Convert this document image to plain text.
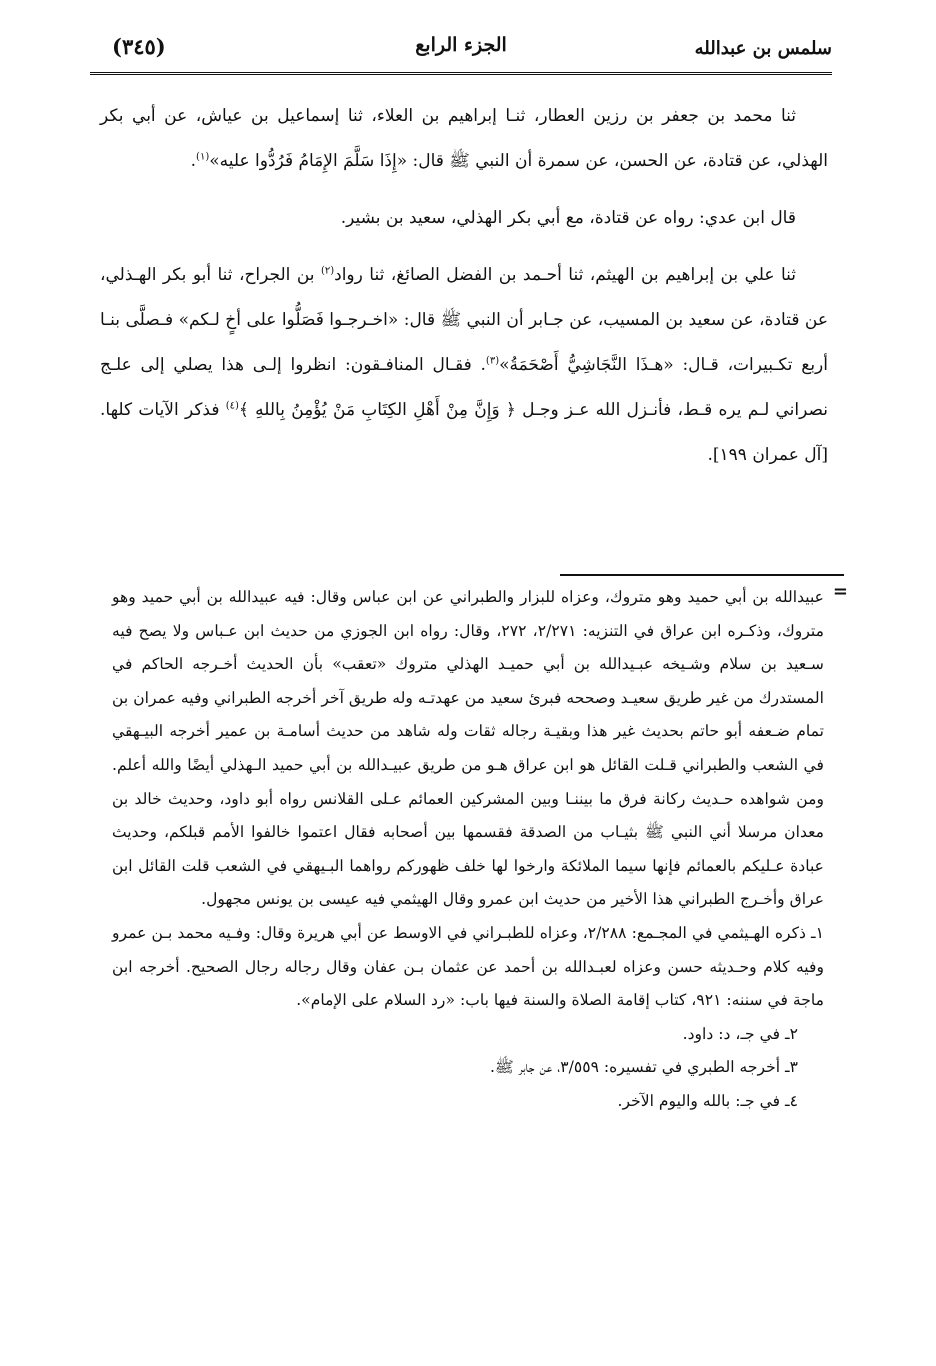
سلمس بن عبدالله
الجزء الرابع
(٣٤٥)

ثنا محمد بن جعفر بن رزين العطار، ثنـا إبراهيم بن العلاء، ثنا إسماعيل بن عياش، عن أبي بكر الهذلي، عن قتادة، عن الحسن، عن سمرة أن النبي ﷺ قال: «إِذَا سَلَّمَ الإِمَامُ فَرُدُّوا عليه»$^{(١)}$.

قال ابن عدي: رواه عن قتادة، مع أبي بكر الهذلي، سعيد بن بشير.

ثنا علي بن إبراهيم بن الهيثم، ثنا أحـمد بن الفضل الصائغ، ثنا رواد$^{(٢)}$ بن الجراح، ثنا أبو بكر الهـذلي، عن قتادة، عن سعيد بن المسيب، عن جـابر أن النبي ﷺ قال: «اخـرجـوا فَصَلُّوا على أخٍ لـكم» فـصلَّى بنـا أربع تكـبيرات، قـال: «هـذَا النَّجَاشِيُّ أَصْحَمَةُ»$^{(٣)}$. فقـال المنافـقون: انظروا إلـى هذا يصلي إلى علـج نصراني لـم يره قـط، فأنـزل الله عـز وجـل ﴿ وَإِنَّ مِنْ أَهْلِ الكِتَابِ مَنْ يُؤْمِنُ بِاللهِ ﴾$^{(٤)}$ فذكر الآيات كلها. [آل عمران ١٩٩].

=

عبيدالله بن أبي حميد وهو متروك، وعزاه للبزار والطبراني عن ابن عباس وقال: فيه عبيدالله بن أبي حميد وهو متروك، وذكـره ابن عراق في التنزيه: ٢/٢٧١، ٢٧٢، وقال: رواه ابن الجوزي من حديث ابن عـباس ولا يصح فيه سـعيد بن سلام وشـيخه عبـيدالله بن أبي حميـد الهذلي متروك «تعقب» بأن الحديث أخـرجه الحاكم في المستدرك من غير طريق سعيـد وصححه فبرئ سعيد من عهدتـه وله طريق آخر أخرجه الطبراني وفيه عمران بن تمام ضـعفه أبو حاتم بحديث غير هذا وبقيـة رجاله ثقات وله شاهد من حديث أسامـة بن عمير أخرجه البيـهقي في الشعب والطبراني قـلت القائل هو ابن عراق هـو من طريق عبيـدالله بن أبي حميد الـهذلي أيضًا والله أعلم. ومن شواهده حـديث ركانة فرق ما بيننـا وبين المشركين العمائم عـلى القلانس رواه أبو داود، وحديث خالد بن معدان مرسلا أني النبي ﷺ بثيـاب من الصدقة فقسمها بين أصحابه فقال اعتموا خالفوا الأمم قبلكم، وحديث عبادة عـليكم بالعمائم فإنها سيما الملائكة وارخوا لها خلف ظهوركم رواهما البـيهقي في الشعب قلت القائل ابن عراق وأخـرج الطبراني هذا الأخير من حديث ابن عمرو وقال الهيثمي فيه عيسى بن يونس مجهول.

١ـ ذكره الهـيثمي في المجـمع: ٢/٢٨٨، وعزاه للطبـراني في الاوسط عن أبي هريرة وقال: وفـيه محمد بـن عمرو وفيه كلام وحـديثه حسن وعزاه لعبـدالله بن أحمد عن عثمان بـن عفان وقال رجاله رجال الصحيح. أخرجه ابن ماجة في سننه: ٩٢١، كتاب إقامة الصلاة والسنة فيها باب: «رد السلام على الإمام».

٢ـ في جـ، د: داود.

٣ـ أخرجه الطبري في تفسيره: ٣/٥٥٩، عن جابر ﷺ.

٤ـ في جـ: بالله واليوم الآخر.
